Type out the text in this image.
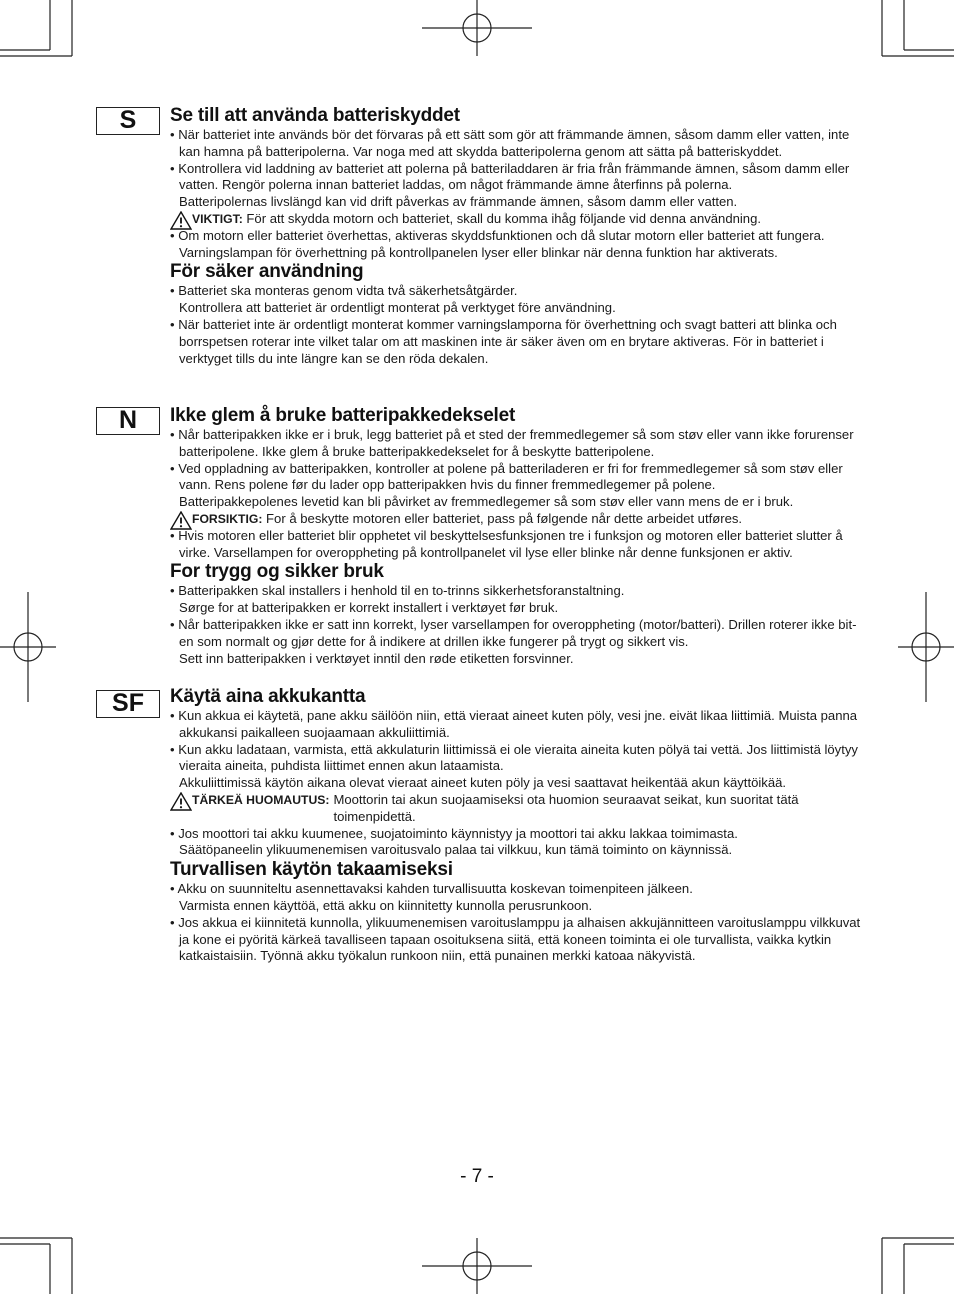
S
N
SF
Se till att använda batteriskyddet
• När batteriet inte används bör det förvaras på ett sätt som gör att främmande ämnen, såsom damm eller vatten, inte kan hamna på batteripolerna. Var noga med att skydda batteripolerna genom att sätta på batteriskyddet.
• Kontrollera vid laddning av batteriet att polerna på batteriladdaren är fria från främmande ämnen, såsom damm eller vatten. Rengör polerna innan batteriet laddas, om något främmande ämne återfinns på polerna.
Batteripolernas livslängd kan vid drift påverkas av främmande ämnen, såsom damm eller vatten.
VIKTIGT: För att skydda motorn och batteriet, skall du komma ihåg följande vid denna användning.
• Om motorn eller batteriet överhettas, aktiveras skyddsfunktionen och då slutar motorn eller batteriet att fungera. Varningslampan för överhettning på kontrollpanelen lyser eller blinkar när denna funktion har aktiverats.
För säker användning
• Batteriet ska monteras genom vidta två säkerhetsåtgärder.
Kontrollera att batteriet är ordentligt monterat på verktyget före användning.
• När batteriet inte är ordentligt monterat kommer varningslamporna för överhettning och svagt batteri att blinka och borrspetsen roterar inte vilket talar om att maskinen inte är säker även om en brytare aktiveras. För in batteriet i verktyget tills du inte längre kan se den röda dekalen.
Ikke glem å bruke batteripakkedekselet
• Når batteripakken ikke er i bruk, legg batteriet på et sted der fremmedlegemer så som støv eller vann ikke forurenser batteripolene. Ikke glem å bruke batteripakkedekselet for å beskytte batteripolene.
• Ved oppladning av batteripakken, kontroller at polene på batteriladeren er fri for fremmedlegemer så som støv eller vann. Rens polene før du lader opp batteripakken hvis du finner fremmedlegemer på polene.
Batteripakkepolenes levetid kan bli påvirket av fremmedlegemer så som støv eller vann mens de er i bruk.
FORSIKTIG: For å beskytte motoren eller batteriet, pass på følgende når dette arbeidet utføres.
• Hvis motoren eller batteriet blir opphetet vil beskyttelsesfunksjonen tre i funksjon og motoren eller batteriet slutter å virke. Varsellampen for overoppheting på kontrollpanelet vil lyse eller blinke når denne funksjonen er aktiv.
For trygg og sikker bruk
• Batteripakken skal installers i henhold til en to-trinns sikkerhetsforanstaltning.
Sørge for at batteripakken er korrekt installert i verktøyet før bruk.
• Når batteripakken ikke er satt inn korrekt, lyser varsellampen for overoppheting (motor/batteri). Drillen roterer ikke bit-en som normalt og gjør dette for å indikere at drillen ikke fungerer på trygt og sikkert vis.
Sett inn batteripakken i verktøyet inntil den røde etiketten forsvinner.
Käytä aina akkukantta
• Kun akkua ei käytetä, pane akku säilöön niin, että vieraat aineet kuten pöly, vesi jne. eivät likaa liittimiä. Muista panna akkukansi paikalleen suojaamaan akkuliittimiä.
• Kun akku ladataan, varmista, että akkulaturin liittimissä ei ole vieraita aineita kuten pölyä tai vettä. Jos liittimistä löytyy vieraita aineita, puhdista liittimet ennen akun lataamista.
Akkuliittimissä käytön aikana olevat vieraat aineet kuten pöly ja vesi saattavat heikentää akun käyttöikää.
TÄRKEÄ HUOMAUTUS: Moottorin tai akun suojaamiseksi ota huomion seuraavat seikat, kun suoritat tätä toimenpidettä.
• Jos moottori tai akku kuumenee, suojatoiminto käynnistyy ja moottori tai akku lakkaa toimimasta.
Säätöpaneelin ylikuumenemisen varoitusvalo palaa tai vilkkuu, kun tämä toiminto on käynnissä.
Turvallisen käytön takaamiseksi
• Akku on suunniteltu asennettavaksi kahden turvallisuutta koskevan toimenpiteen jälkeen.
Varmista ennen käyttöä, että akku on kiinnitetty kunnolla perusrunkoon.
• Jos akkua ei kiinnitetä kunnolla, ylikuumenemisen varoituslamppu ja alhaisen akkujännitteen varoituslamppu vilkkuvat ja kone ei pyöritä kärkeä tavalliseen tapaan osoituksena siitä, että koneen toiminta ei ole turvallista, vaikka kytkin katkaistaisiin. Työnnä akku työkalun runkoon niin, että punainen merkki katoaa näkyvistä.
- 7 -
